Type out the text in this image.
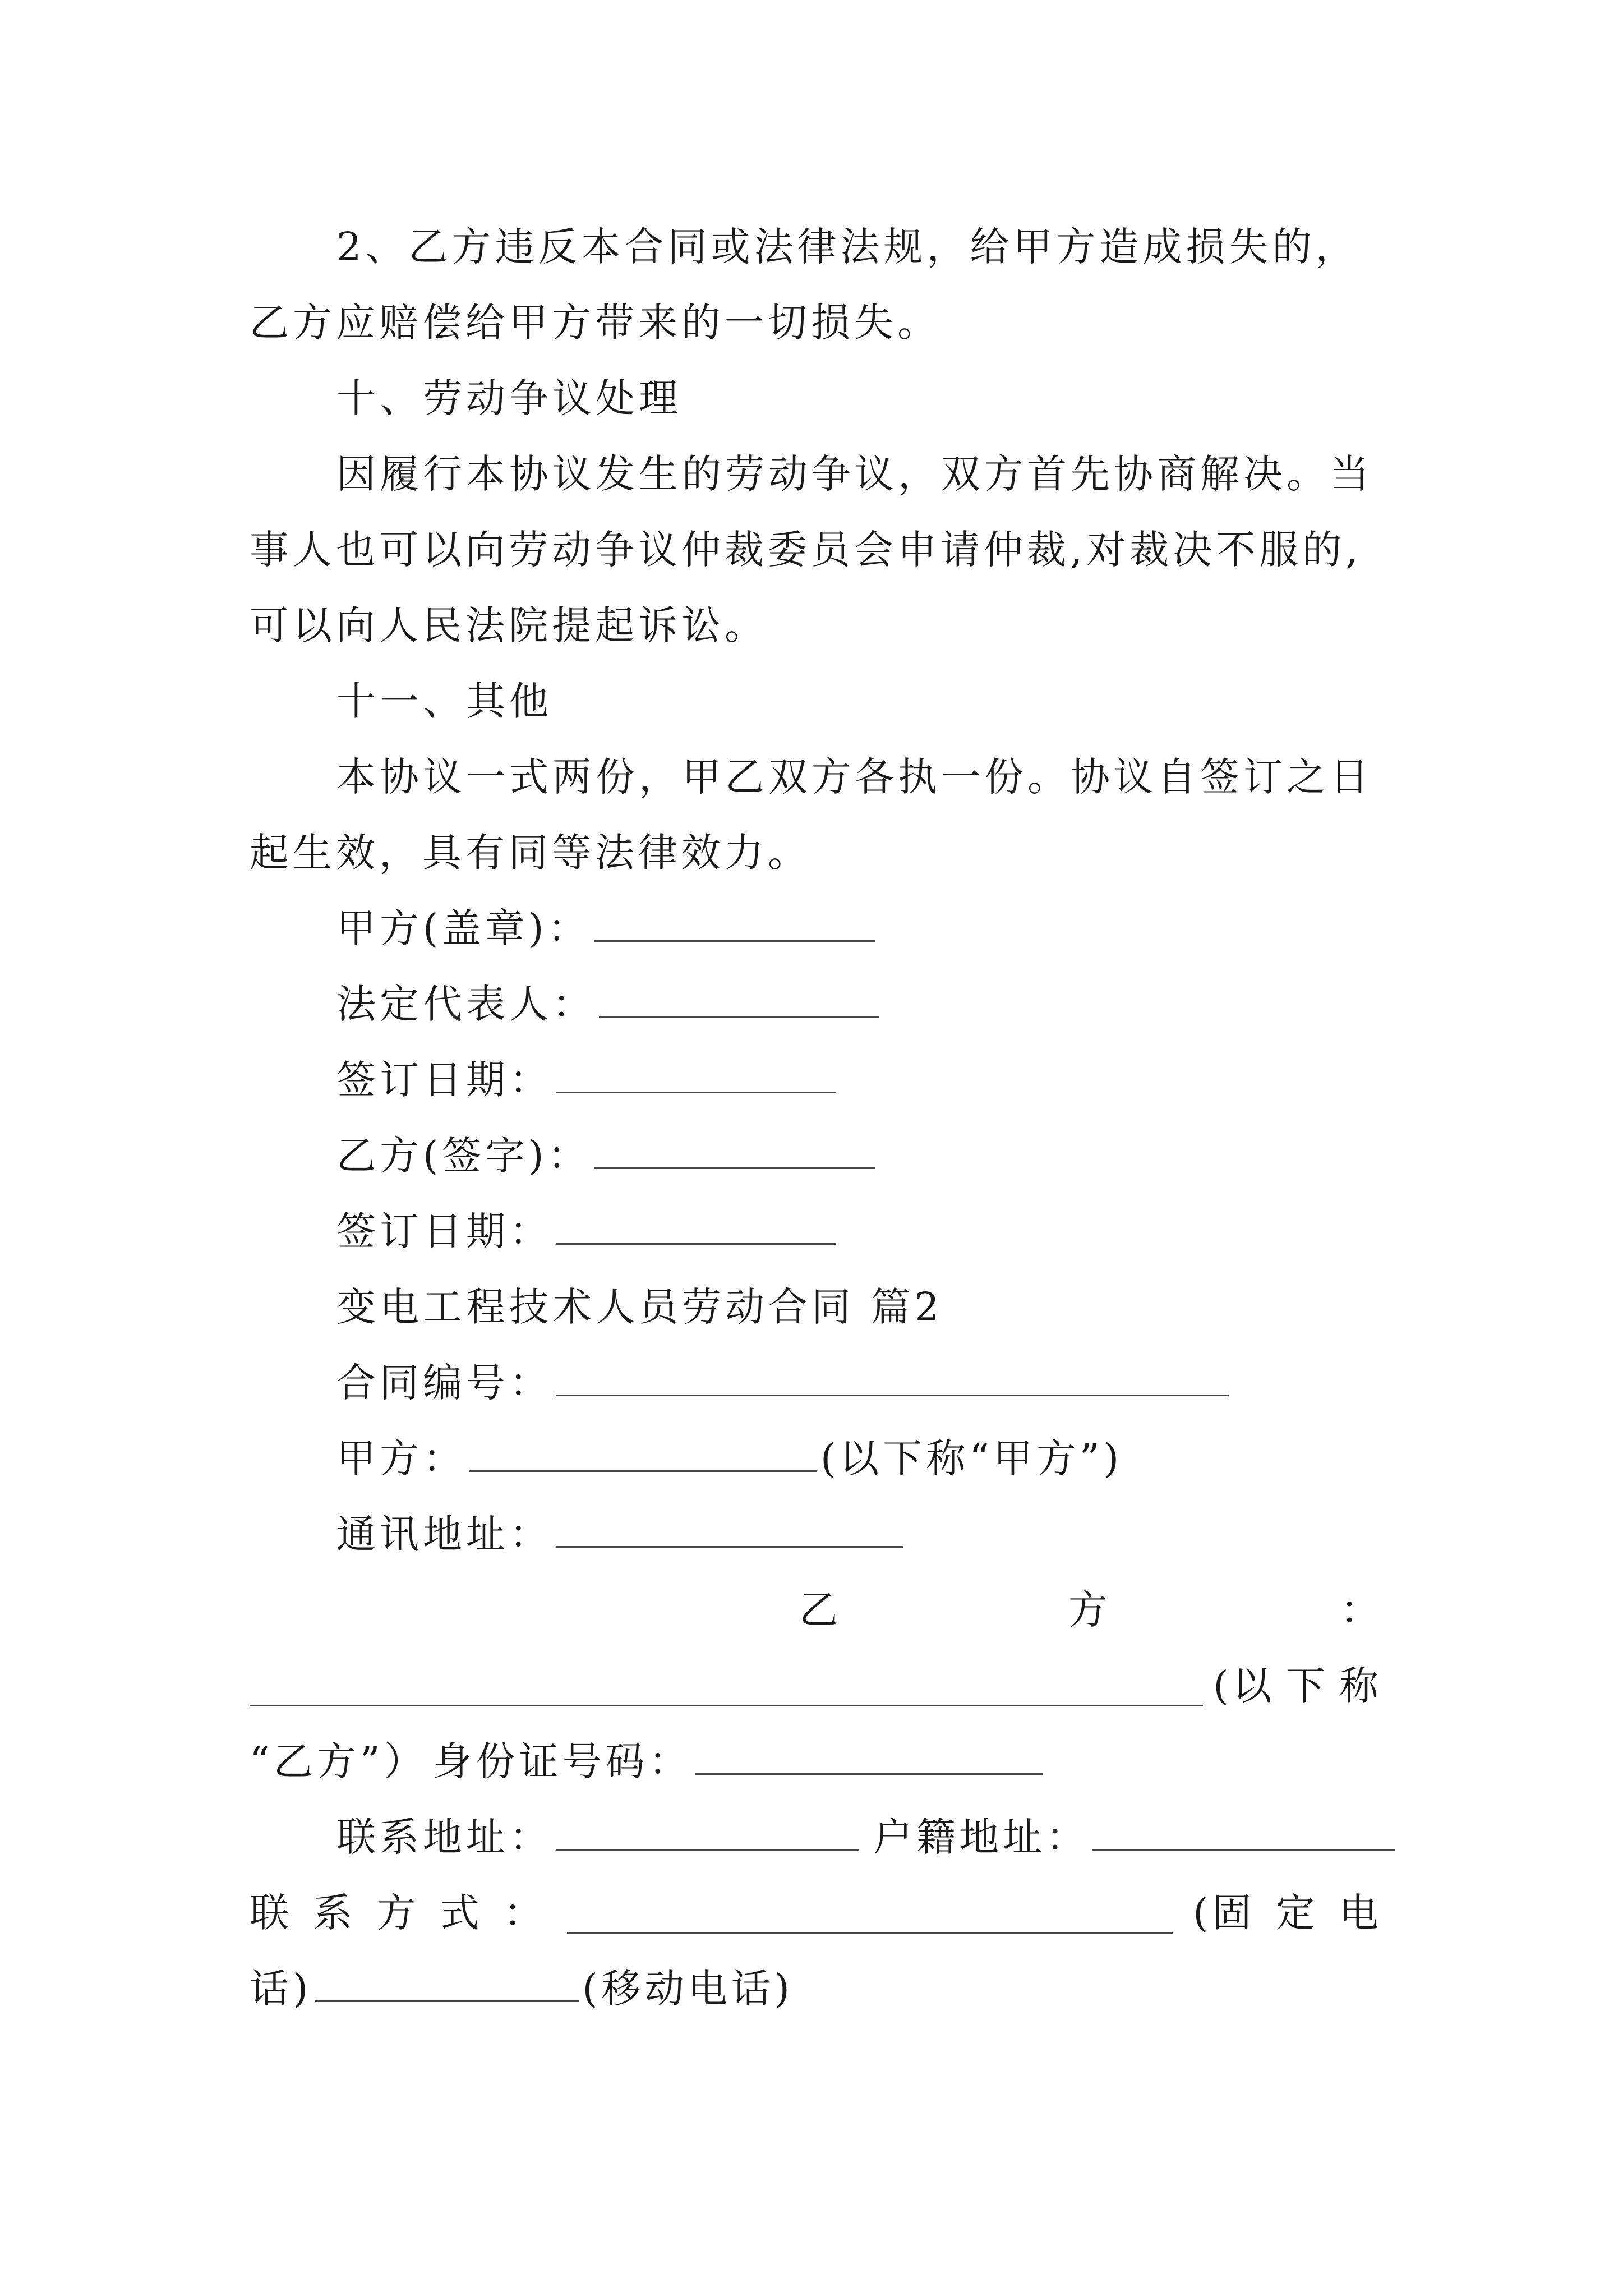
2、乙方违反本合同或法律法规，给甲方造成损失的，
乙方应赔偿给甲方带来的一切损失。
十、劳动争议处理
因履行本协议发生的劳动争议，双方首先协商解决。当
事人也可以向劳动争议仲裁委员会申请仲裁,对裁决不服的,
可以向人民法院提起诉讼。
十一、其他
本协议一式两份，甲乙双方各执一份。协议自签订之日
起生效，具有同等法律效力。
甲方(盖章)：
法定代表人：
签订日期：
乙方(签字)：
签订日期：
变电工程技术人员劳动合同 篇2
合同编号：
甲方：	(以下称“甲方”)
通讯地址：
乙	方	：
(以 下 称
“乙方”） 身份证号码：
联系地址：	户籍地址：
联 系 方 式 ：	(固 定 电
话)	(移动电话)
